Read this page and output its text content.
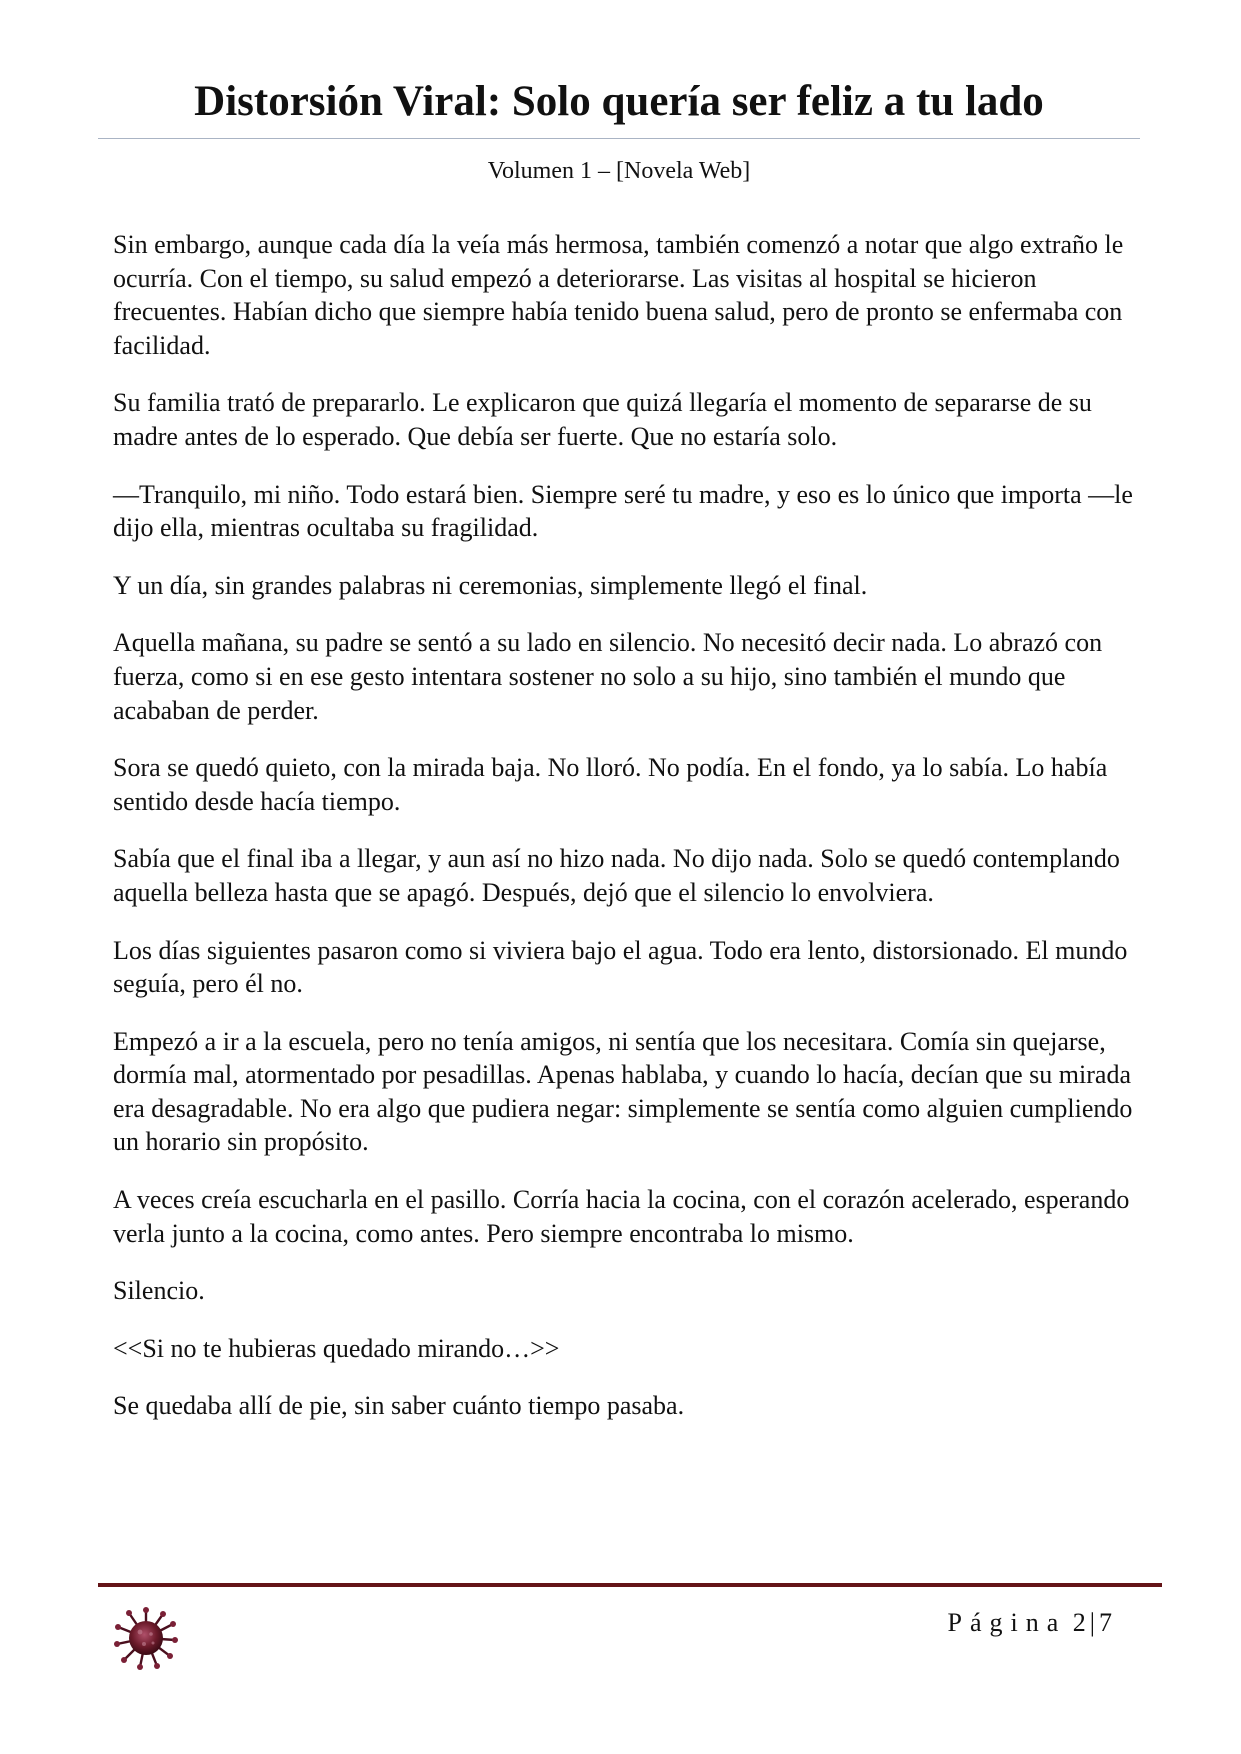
Distorsión Viral: Solo quería ser feliz a tu lado
Volumen 1 – [Novela Web]

Sin embargo, aunque cada día la veía más hermosa, también comenzó a notar que algo extraño le ocurría. Con el tiempo, su salud empezó a deteriorarse. Las visitas al hospital se hicieron frecuentes. Habían dicho que siempre había tenido buena salud, pero de pronto se enfermaba con facilidad.

Su familia trató de prepararlo. Le explicaron que quizá llegaría el momento de separarse de su madre antes de lo esperado. Que debía ser fuerte. Que no estaría solo.

—Tranquilo, mi niño. Todo estará bien. Siempre seré tu madre, y eso es lo único que importa —le dijo ella, mientras ocultaba su fragilidad.

Y un día, sin grandes palabras ni ceremonias, simplemente llegó el final.

Aquella mañana, su padre se sentó a su lado en silencio. No necesitó decir nada. Lo abrazó con fuerza, como si en ese gesto intentara sostener no solo a su hijo, sino también el mundo que acababan de perder.

Sora se quedó quieto, con la mirada baja. No lloró. No podía. En el fondo, ya lo sabía. Lo había sentido desde hacía tiempo.

Sabía que el final iba a llegar, y aun así no hizo nada. No dijo nada. Solo se quedó contemplando aquella belleza hasta que se apagó. Después, dejó que el silencio lo envolviera.

Los días siguientes pasaron como si viviera bajo el agua. Todo era lento, distorsionado. El mundo seguía, pero él no.

Empezó a ir a la escuela, pero no tenía amigos, ni sentía que los necesitara. Comía sin quejarse, dormía mal, atormentado por pesadillas. Apenas hablaba, y cuando lo hacía, decían que su mirada era desagradable. No era algo que pudiera negar: simplemente se sentía como alguien cumpliendo un horario sin propósito.

A veces creía escucharla en el pasillo. Corría hacia la cocina, con el corazón acelerado, esperando verla junto a la cocina, como antes. Pero siempre encontraba lo mismo.

Silencio.

<<Si no te hubieras quedado mirando…>>

Se quedaba allí de pie, sin saber cuánto tiempo pasaba.

Página 2 | 7
